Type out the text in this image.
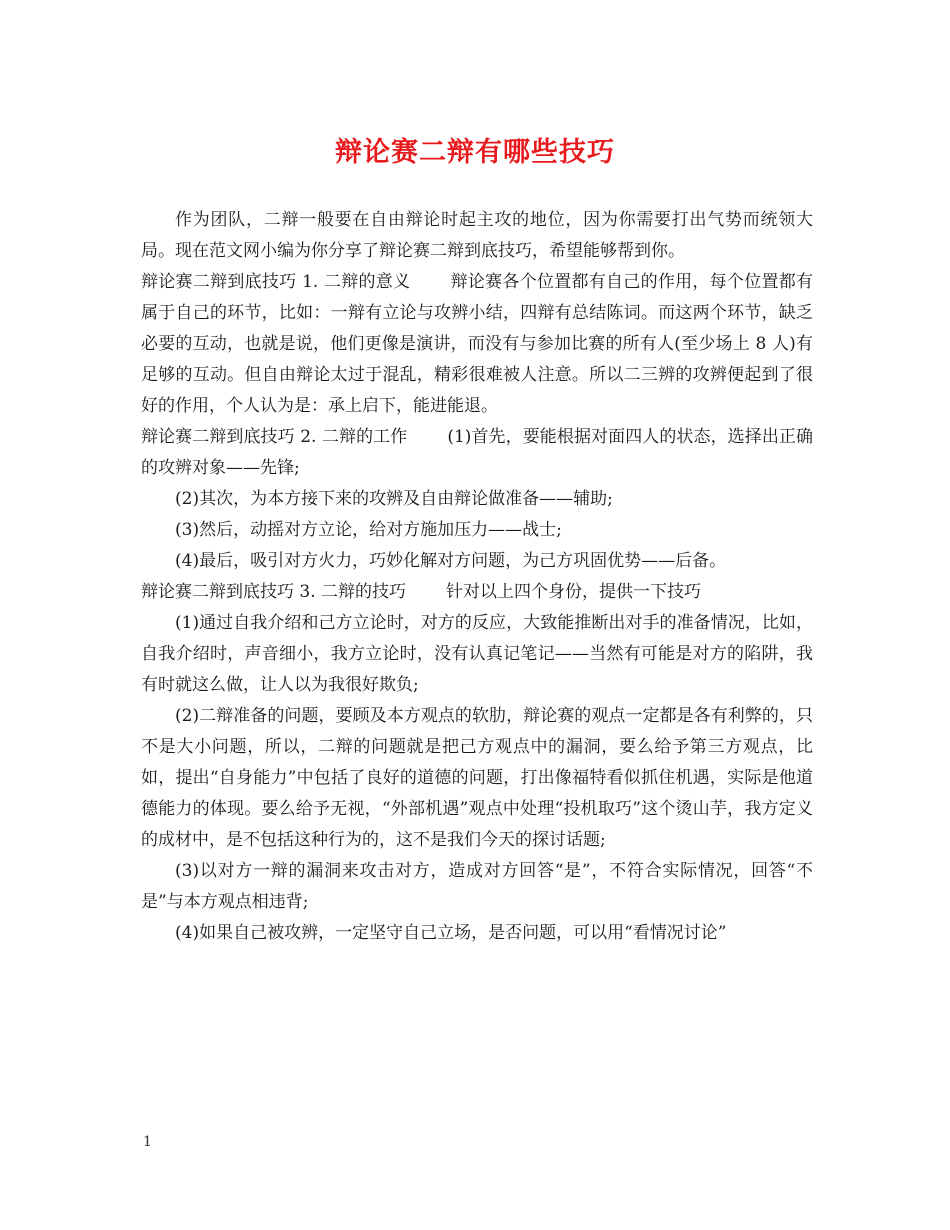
辩论赛二辩有哪些技巧

作为团队，二辩一般要在自由辩论时起主攻的地位，因为你需要打出气势而统领大局。现在范文网小编为你分享了辩论赛二辩到底技巧，希望能够帮到你。

辩论赛二辩到底技巧 1. 二辩的意义 辩论赛各个位置都有自己的作用，每个位置都有属于自己的环节，比如：一辩有立论与攻辨小结，四辩有总结陈词。而这两个环节，缺乏必要的互动，也就是说，他们更像是演讲，而没有与参加比赛的所有人(至少场上 8 人)有足够的互动。但自由辩论太过于混乱，精彩很难被人注意。所以二三辨的攻辨便起到了很好的作用，个人认为是：承上启下，能进能退。

辩论赛二辩到底技巧 2. 二辩的工作 (1)首先，要能根据对面四人的状态，选择出正确的攻辨对象——先锋;

(2)其次，为本方接下来的攻辨及自由辩论做准备——辅助;

(3)然后，动摇对方立论，给对方施加压力——战士;

(4)最后，吸引对方火力，巧妙化解对方问题，为己方巩固优势——后备。

辩论赛二辩到底技巧 3. 二辩的技巧 针对以上四个身份，提供一下技巧

(1)通过自我介绍和己方立论时，对方的反应，大致能推断出对手的准备情况，比如，自我介绍时，声音细小，我方立论时，没有认真记笔记——当然有可能是对方的陷阱，我有时就这么做，让人以为我很好欺负;

(2)二辩准备的问题，要顾及本方观点的软肋，辩论赛的观点一定都是各有利弊的，只不是大小问题，所以，二辩的问题就是把己方观点中的漏洞，要么给予第三方观点，比如，提出“自身能力”中包括了良好的道德的问题，打出像福特看似抓住机遇，实际是他道德能力的体现。要么给予无视，“外部机遇”观点中处理“投机取巧”这个烫山芋，我方定义的成材中，是不包括这种行为的，这不是我们今天的探讨话题;

(3)以对方一辩的漏洞来攻击对方，造成对方回答“是”，不符合实际情况，回答“不是”与本方观点相违背;

(4)如果自己被攻辨，一定坚守自己立场，是否问题，可以用“看情况讨论”

1
